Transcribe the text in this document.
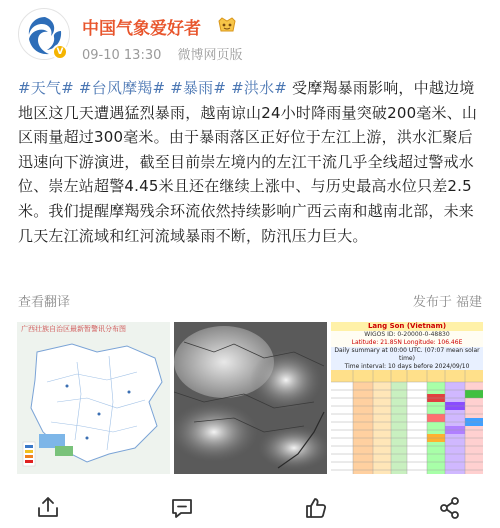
V
中国气象爱好者
09-10 13:30 微博网页版
#天气# #台风摩羯# #暴雨# #洪水# 受摩羯暴雨影响，中越边境地区这几天遭遇猛烈暴雨，越南谅山24小时降雨量突破200毫米、山区雨量超过300毫米。由于暴雨落区正好位于左江上游，洪水汇聚后迅速向下游演进，截至目前崇左境内的左江干流几乎全线超过警戒水位、崇左站超警4.45米且还在继续上涨中、与历史最高水位只差2.5米。我们提醒摩羯残余环流依然持续影响广西云南和越南北部，未来几天左江流域和红河流域暴雨不断，防汛压力巨大。
查看翻译	发布于 福建
广西壮族自治区最新暂警讯分布图	Lang Son (Vietnam)
WIGOS ID: 0-20000-0-48830
Latitude: 21.85N Longitude: 106.46E
Daily summary at 00:00 UTC. (07:07 mean solar time)
Time interval: 10 days before 2024/09/10
